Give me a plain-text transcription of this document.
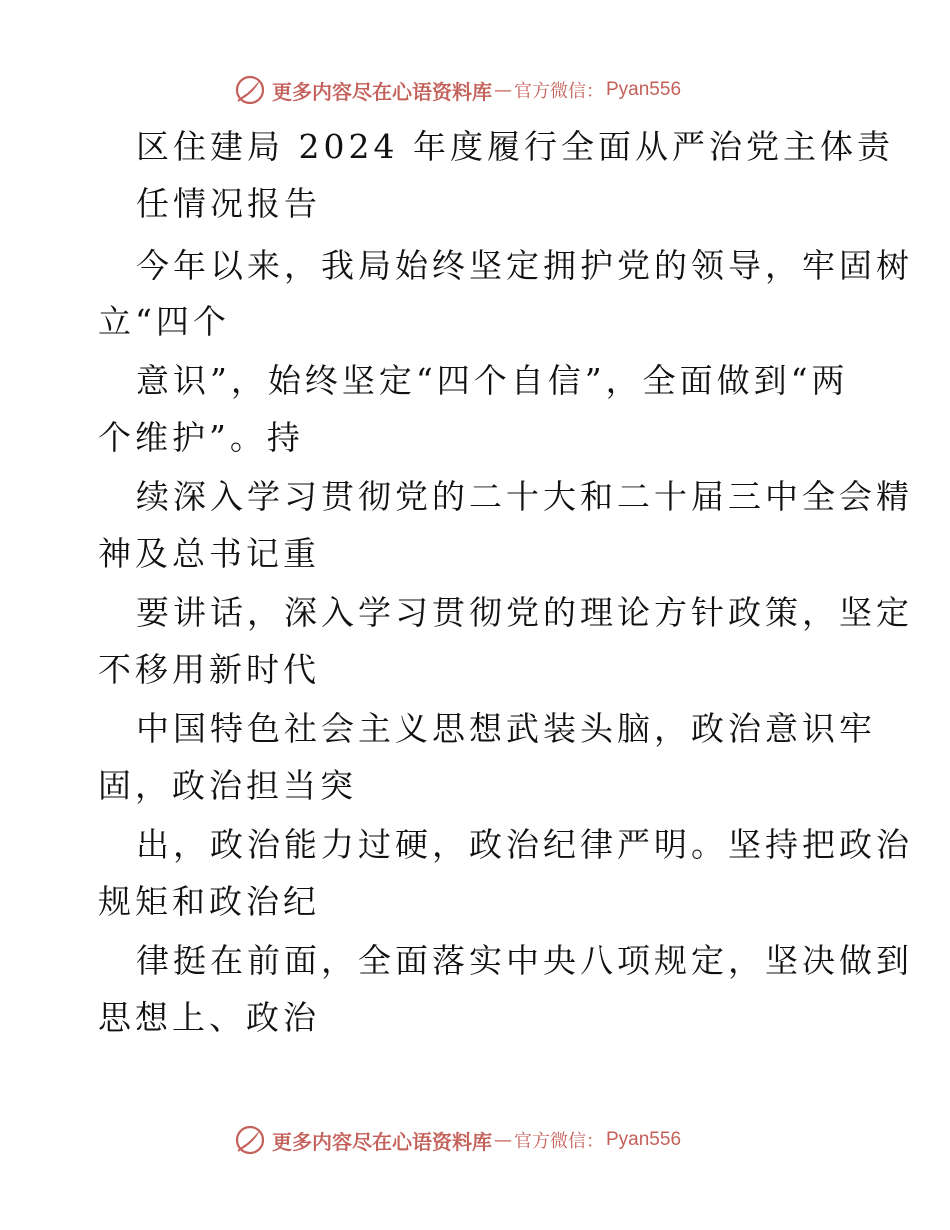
更多内容尽在心语资料库 — 官方微信： Pyan556
区住建局 2024 年度履行全面从严治党主体责
任情况报告
今年以来，我局始终坚定拥护党的领导，牢固树
立“四个
意识”，始终坚定“四个自信”，全面做到“两
个维护”。持
续深入学习贯彻党的二十大和二十届三中全会精
神及总书记重
要讲话，深入学习贯彻党的理论方针政策，坚定
不移用新时代
中国特色社会主义思想武装头脑，政治意识牢
固，政治担当突
出，政治能力过硬，政治纪律严明。坚持把政治
规矩和政治纪
律挺在前面，全面落实中央八项规定，坚决做到
思想上、政治
更多内容尽在心语资料库 — 官方微信： Pyan556
